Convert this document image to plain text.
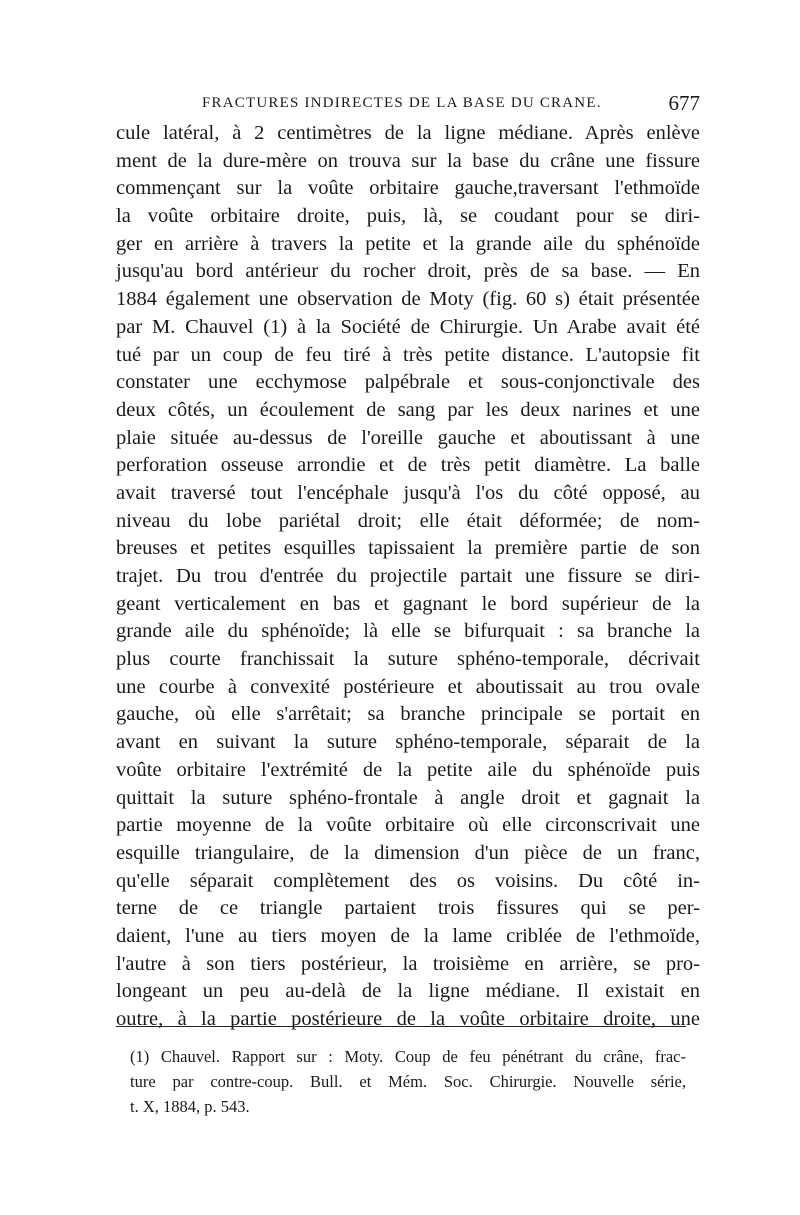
FRACTURES INDIRECTES DE LA BASE DU CRANE.	677
cule latéral, à 2 centimètres de la ligne médiane. Après enlève
ment de la dure-mère on trouva sur la base du crâne une fissure
commençant sur la voûte orbitaire gauche,traversant l'ethmoïde
la voûte orbitaire droite, puis, là, se coudant pour se diri-
ger en arrière à travers la petite et la grande aile du sphénoïde
jusqu'au bord antérieur du rocher droit, près de sa base. — En
1884 également une observation de Moty (fig. 60 s) était présentée
par M. Chauvel (1) à la Société de Chirurgie. Un Arabe avait été
tué par un coup de feu tiré à très petite distance. L'autopsie fit
constater une ecchymose palpébrale et sous-conjonctivale des
deux côtés, un écoulement de sang par les deux narines et une
plaie située au-dessus de l'oreille gauche et aboutissant à une
perforation osseuse arrondie et de très petit diamètre. La balle
avait traversé tout l'encéphale jusqu'à l'os du côté opposé, au
niveau du lobe pariétal droit; elle était déformée; de nom-
breuses et petites esquilles tapissaient la première partie de son
trajet. Du trou d'entrée du projectile partait une fissure se diri-
geant verticalement en bas et gagnant le bord supérieur de la
grande aile du sphénoïde; là elle se bifurquait : sa branche la
plus courte franchissait la suture sphéno-temporale, décrivait
une courbe à convexité postérieure et aboutissait au trou ovale
gauche, où elle s'arrêtait; sa branche principale se portait en
avant en suivant la suture sphéno-temporale, séparait de la
voûte orbitaire l'extrémité de la petite aile du sphénoïde puis
quittait la suture sphéno-frontale à angle droit et gagnait la
partie moyenne de la voûte orbitaire où elle circonscrivait une
esquille triangulaire, de la dimension d'un pièce de un franc,
qu'elle séparait complètement des os voisins. Du côté in-
terne de ce triangle partaient trois fissures qui se per-
daient, l'une au tiers moyen de la lame criblée de l'ethmoïde,
l'autre à son tiers postérieur, la troisième en arrière, se pro-
longeant un peu au-delà de la ligne médiane. Il existait en
outre, à la partie postérieure de la voûte orbitaire droite, une
(1) Chauvel. Rapport sur : Moty. Coup de feu pénétrant du crâne, frac-
ture par contre-coup. Bull. et Mém. Soc. Chirurgie. Nouvelle série,
t. X, 1884, p. 543.
